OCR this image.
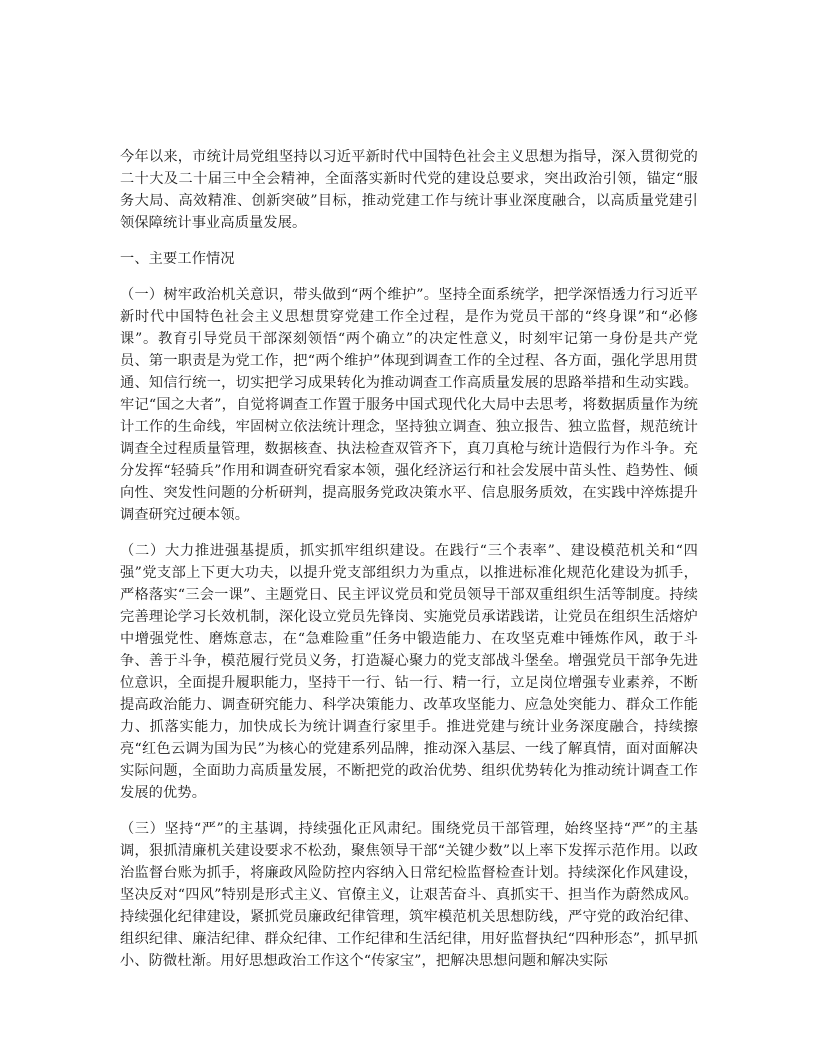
今年以来，市统计局党组坚持以习近平新时代中国特色社会主义思想为指导，深入贯彻党的二十大及二十届三中全会精神，全面落实新时代党的建设总要求，突出政治引领，锚定“服务大局、高效精准、创新突破”目标，推动党建工作与统计事业深度融合，以高质量党建引领保障统计事业高质量发展。

一、主要工作情况

（一）树牢政治机关意识，带头做到“两个维护”。坚持全面系统学，把学深悟透力行习近平新时代中国特色社会主义思想贯穿党建工作全过程，是作为党员干部的“终身课”和“必修课”。教育引导党员干部深刻领悟“两个确立”的决定性意义，时刻牢记第一身份是共产党员、第一职责是为党工作，把“两个维护”体现到调查工作的全过程、各方面，强化学思用贯通、知信行统一，切实把学习成果转化为推动调查工作高质量发展的思路举措和生动实践。牢记“国之大者”，自觉将调查工作置于服务中国式现代化大局中去思考，将数据质量作为统计工作的生命线，牢固树立依法统计理念，坚持独立调查、独立报告、独立监督，规范统计调查全过程质量管理，数据核查、执法检查双管齐下，真刀真枪与统计造假行为作斗争。充分发挥“轻骑兵”作用和调查研究看家本领，强化经济运行和社会发展中苗头性、趋势性、倾向性、突发性问题的分析研判，提高服务党政决策水平、信息服务质效，在实践中淬炼提升调查研究过硬本领。

（二）大力推进强基提质，抓实抓牢组织建设。在践行“三个表率”、建设模范机关和“四强”党支部上下更大功夫，以提升党支部组织力为重点，以推进标准化规范化建设为抓手，严格落实“三会一课”、主题党日、民主评议党员和党员领导干部双重组织生活等制度。持续完善理论学习长效机制，深化设立党员先锋岗、实施党员承诺践诺，让党员在组织生活熔炉中增强党性、磨炼意志，在“急难险重”任务中锻造能力、在攻坚克难中锤炼作风，敢于斗争、善于斗争，模范履行党员义务，打造凝心聚力的党支部战斗堡垒。增强党员干部争先进位意识，全面提升履职能力，坚持干一行、钻一行、精一行，立足岗位增强专业素养，不断提高政治能力、调查研究能力、科学决策能力、改革攻坚能力、应急处突能力、群众工作能力、抓落实能力，加快成长为统计调查行家里手。推进党建与统计业务深度融合，持续擦亮“红色云调为国为民”为核心的党建系列品牌，推动深入基层、一线了解真情，面对面解决实际问题，全面助力高质量发展，不断把党的政治优势、组织优势转化为推动统计调查工作发展的优势。

（三）坚持“严”的主基调，持续强化正风肃纪。围绕党员干部管理，始终坚持“严”的主基调，狠抓清廉机关建设要求不松劲，聚焦领导干部“关键少数”以上率下发挥示范作用。以政治监督台账为抓手，将廉政风险防控内容纳入日常纪检监督检查计划。持续深化作风建设，坚决反对“四风”特别是形式主义、官僚主义，让艰苦奋斗、真抓实干、担当作为蔚然成风。持续强化纪律建设，紧抓党员廉政纪律管理，筑牢模范机关思想防线，严守党的政治纪律、组织纪律、廉洁纪律、群众纪律、工作纪律和生活纪律，用好监督执纪“四种形态”，抓早抓小、防微杜渐。用好思想政治工作这个“传家宝”，把解决思想问题和解决实际
